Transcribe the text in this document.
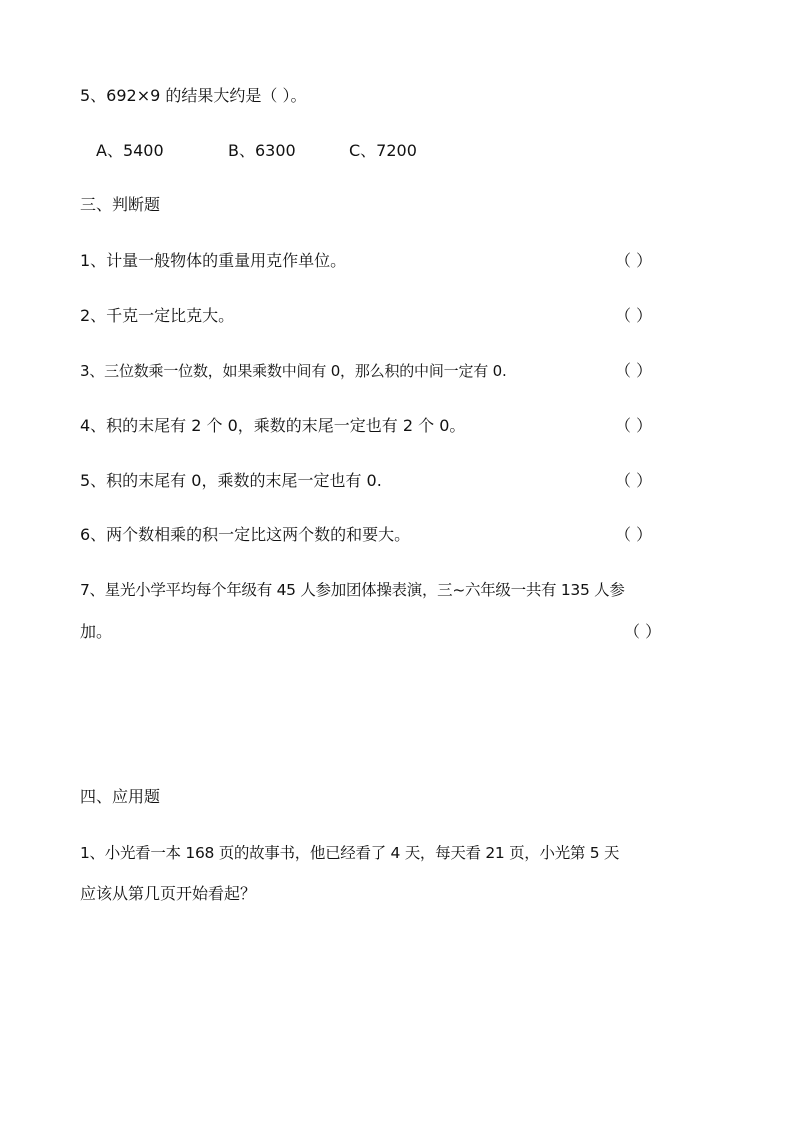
5、692×9 的结果大约是（ ）。
A、5400	B、6300	C、7200
三、判断题
1、计量一般物体的重量用克作单位。	（ ）
2、千克一定比克大。	（ ）
3、三位数乘一位数，如果乘数中间有 0，那么积的中间一定有 0.	（ ）
4、积的末尾有 2 个 0，乘数的末尾一定也有 2 个 0。	（ ）
5、积的末尾有 0，乘数的末尾一定也有 0.	（ ）
6、两个数相乘的积一定比这两个数的和要大。	（ ）
7、星光小学平均每个年级有 45 人参加团体操表演，三~六年级一共有 135 人参
加。	（ ）
四、应用题
1、小光看一本 168 页的故事书，他已经看了 4 天，每天看 21 页，小光第 5 天
应该从第几页开始看起？
